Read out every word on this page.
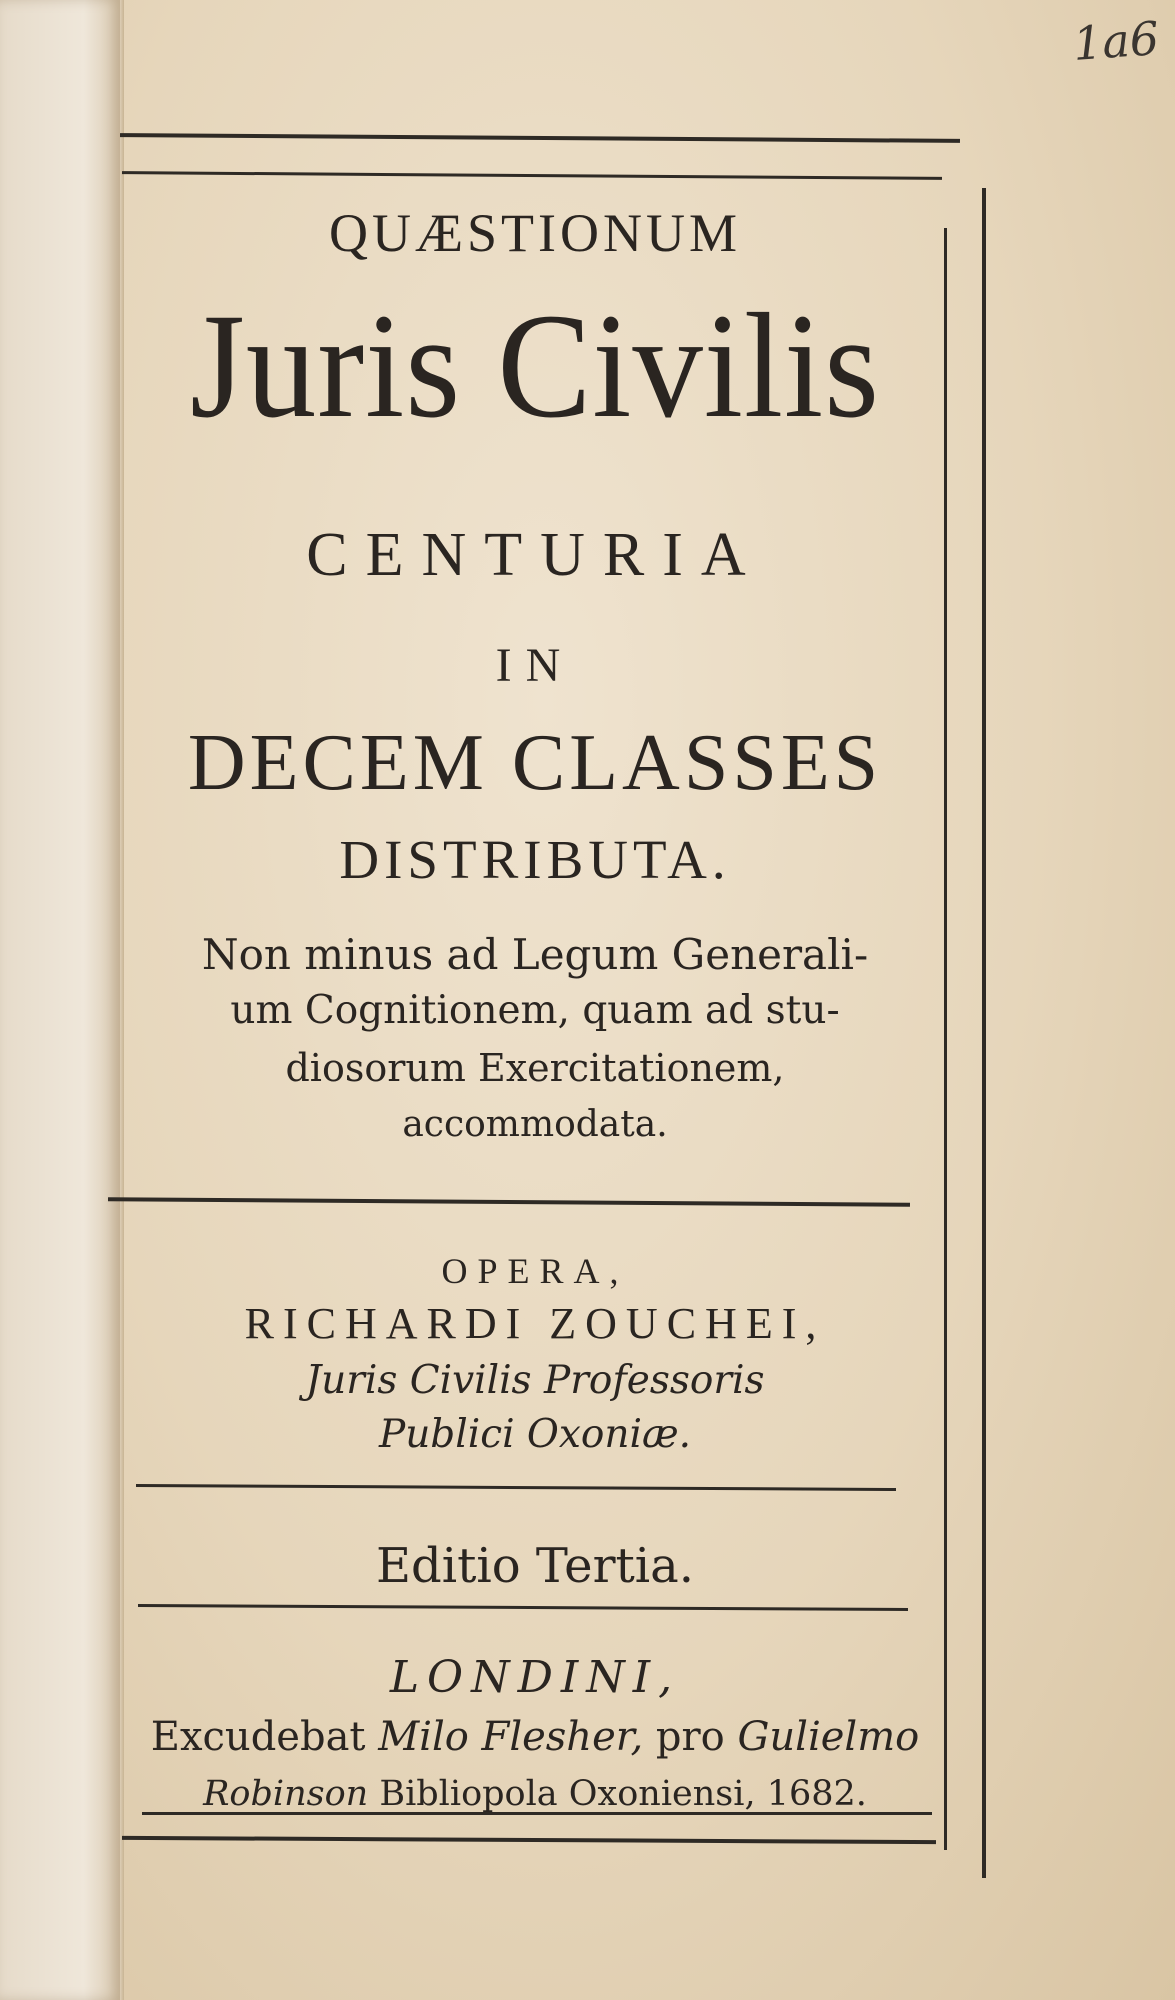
1a6

QUÆSTIONUM

Juris Civilis

CENTURIA

IN

DECEM CLASSES

DISTRIBUTA.

Non minus ad Legum Generali-

um Cognitionem, quam ad stu-

diosorum Exercitationem,

accommodata.

OPERA,

RICHARDI ZOUCHEI,

Juris Civilis Professoris

Publici Oxoniæ.

Editio Tertia.

LONDINI,

Excudebat Milo Flesher, pro Gulielmo

Robinson Bibliopola Oxoniensi, 1682.
